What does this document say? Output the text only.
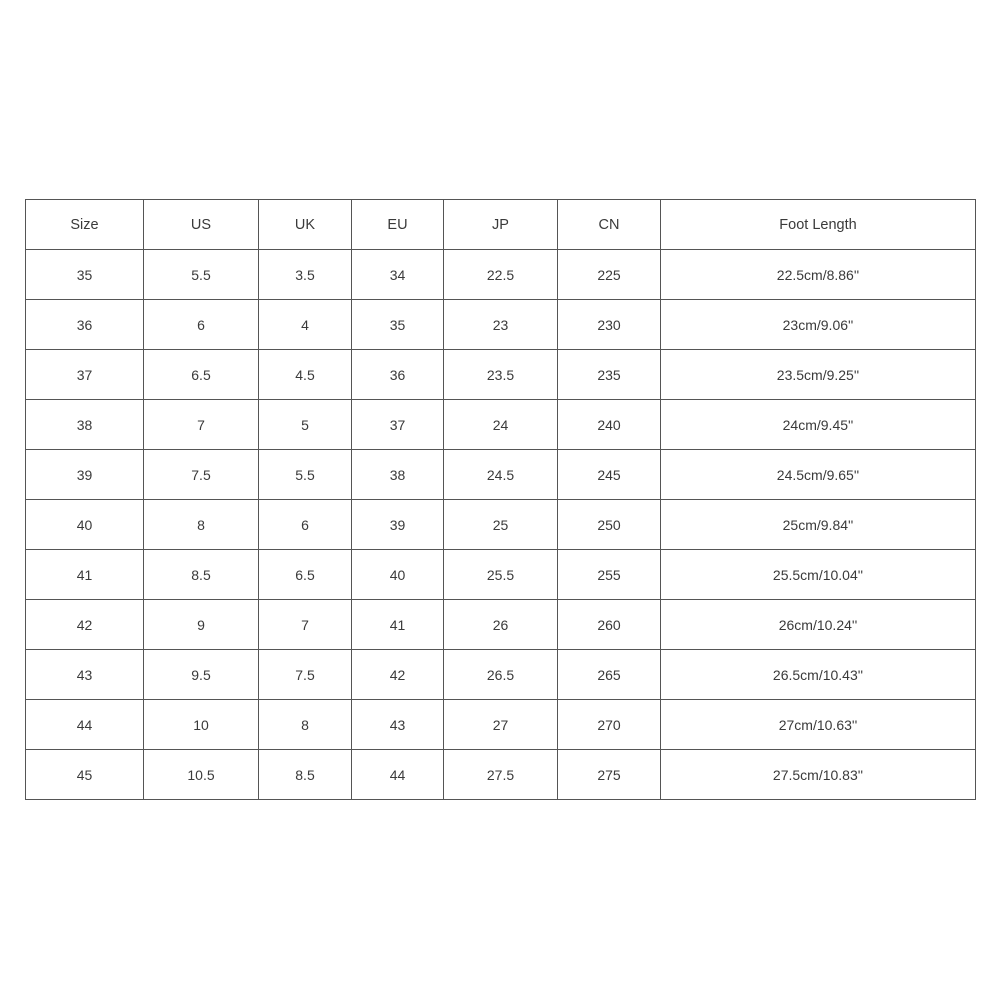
Size	US	UK	EU	JP	CN	Foot Length
35	5.5	3.5	34	22.5	225	22.5cm/8.86''
36	6	4	35	23	230	23cm/9.06''
37	6.5	4.5	36	23.5	235	23.5cm/9.25''
38	7	5	37	24	240	24cm/9.45''
39	7.5	5.5	38	24.5	245	24.5cm/9.65''
40	8	6	39	25	250	25cm/9.84''
41	8.5	6.5	40	25.5	255	25.5cm/10.04''
42	9	7	41	26	260	26cm/10.24''
43	9.5	7.5	42	26.5	265	26.5cm/10.43''
44	10	8	43	27	270	27cm/10.63''
45	10.5	8.5	44	27.5	275	27.5cm/10.83''
